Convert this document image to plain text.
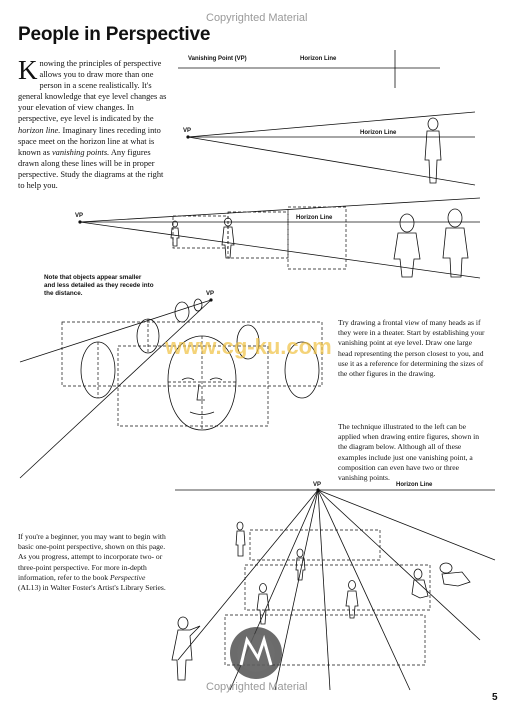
Copyrighted Material
People in Perspective
K nowing the principles of perspective allows you to draw more than one person in a scene realistically. It's general knowledge that eye level changes as your elevation of view changes. In perspective, eye level is indicated by the horizon line. Imaginary lines receding into space meet on the horizon line at what is known as vanishing points. Any figures drawn along these lines will be in proper perspective. Study the diagrams at the right to help you.
Note that objects appear smaller and less detailed as they recede into the distance.
Try drawing a frontal view of many heads as if they were in a theater. Start by establishing your vanishing point at eye level. Draw one large head representing the person closest to you, and use it as a reference for determining the sizes of the other figures in the drawing.
The technique illustrated to the left can be applied when drawing entire figures, shown in the diagram below. Although all of these examples include just one vanishing point, a composition can even have two or three vanishing points.
If you're a beginner, you may want to begin with basic one-point perspective, shown on this page. As you progress, attempt to incorporate two- or three-point perspective. For more in-depth information, refer to the book Perspective (AL13) in Walter Foster's Artist's Library Series.
Vanishing Point (VP)	Horizon Line
VP	Horizon Line
VP	Horizon Line
VP
VP	Horizon Line
www.cg-ku.com
Copyrighted Material
5
